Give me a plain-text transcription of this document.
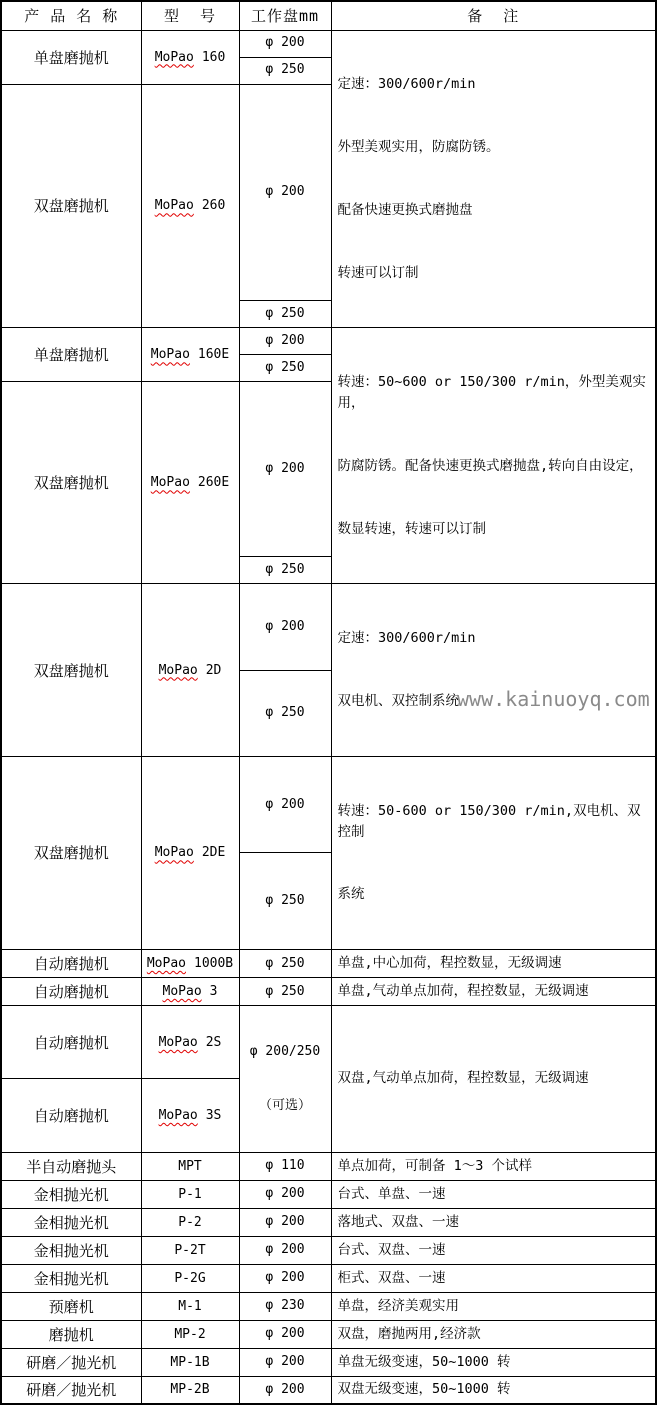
产 品 名 称	型  号	工作盘mm	备  注
单盘磨抛机	MoPao 160	φ 200	定速：300/600r/min

外型美观实用，防腐防锈。

配备快速更换式磨抛盘

转速可以订制

		φ 250	
双盘磨抛机	MoPao 260	φ 200	
		φ 250	
单盘磨抛机	MoPao 160E	φ 200	转速：50~600 or 150/300 r/min，外型美观实用，

防腐防锈。配备快速更换式磨抛盘,转向自由设定，

数显转速，转速可以订制

		φ 250	
双盘磨抛机	MoPao 260E	φ 200	
		φ 250	
双盘磨抛机	MoPao 2D	φ 200	定速：300/600r/min

双电机、双控制系统

		φ 250	
双盘磨抛机	MoPao 2DE	φ 200	转速：50-600 or 150/300 r/min,双电机、双控制

系统

		φ 250	
自动磨抛机	MoPao 1000B	φ 250	单盘,中心加荷，程控数显，无级调速
自动磨抛机	MoPao 3	φ 250	单盘,气动单点加荷，程控数显，无级调速
自动磨抛机	MoPao 2S	φ 200/250

（可选）	双盘,气动单点加荷，程控数显，无级调速
自动磨抛机	MoPao 3S		
半自动磨抛头	MPT	φ 110	单点加荷，可制备 1～3 个试样
金相抛光机	P-1	φ 200	台式、单盘、一速
金相抛光机	P-2	φ 200	落地式、双盘、一速
金相抛光机	P-2T	φ 200	台式、双盘、一速
金相抛光机	P-2G	φ 200	柜式、双盘、一速
预磨机	M-1	φ 230	单盘，经济美观实用
磨抛机	MP-2	φ 200	双盘，磨抛两用,经济款
研磨／抛光机	MP-1B	φ 200	单盘无级变速，50~1000 转
研磨／抛光机	MP-2B	φ 200	双盘无级变速，50~1000 转
www.kainuoyq.com
